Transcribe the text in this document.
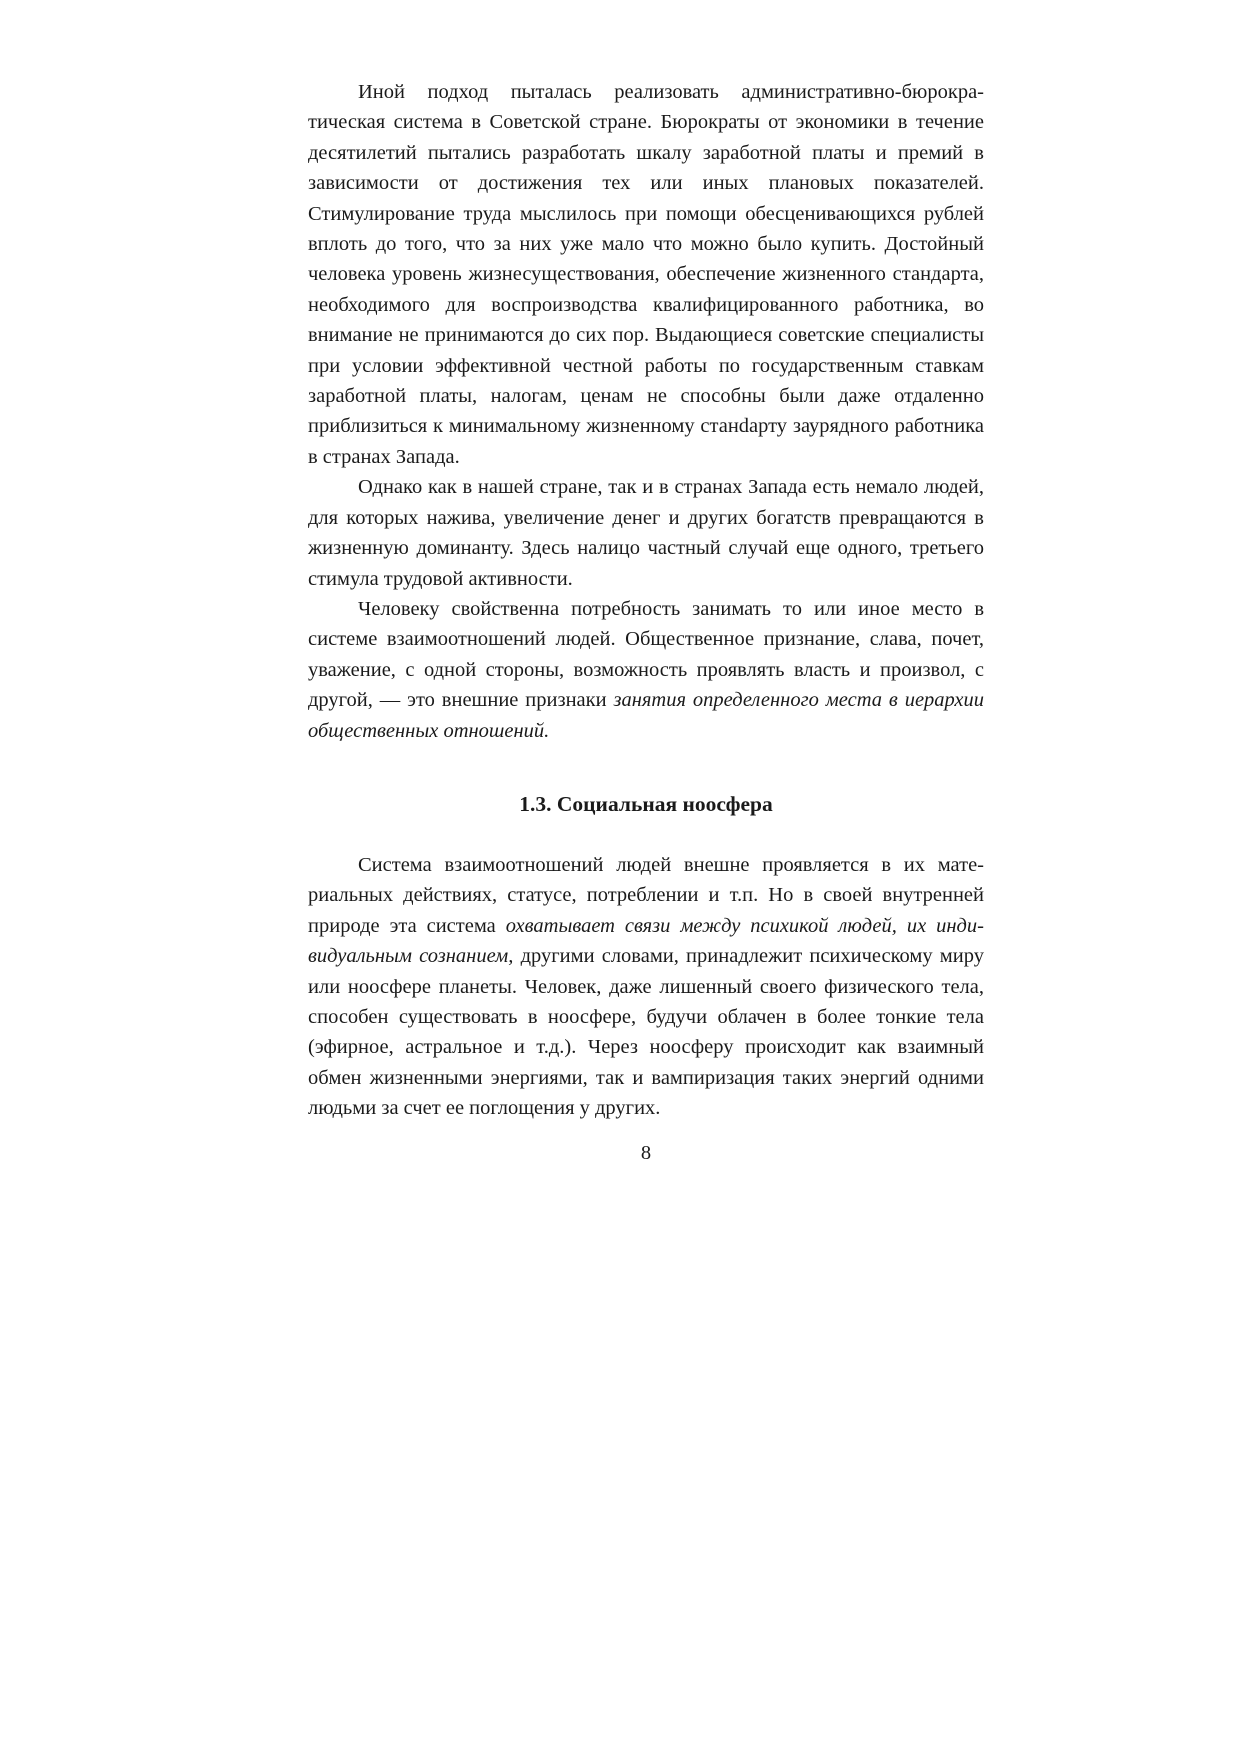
Иной подход пыталась реализовать административно-бюрократическая система в Советской стране. Бюрократы от экономики в течение десятилетий пытались разработать шкалу заработной платы и премий в зависимости от достижения тех или иных плановых показателей. Стимулирование труда мыслилось при помощи обесценивающихся рублей вплоть до того, что за них уже мало что можно было купить. Достойный человека уровень жизнесуществования, обеспечение жизненного стандарта, необходимого для воспроизводства квалифицированного работника, во внимание не принимаются до сих пор. Выдающиеся советские специалисты при условии эффективной честной работы по государственным ставкам заработной платы, налогам, ценам не способны были даже отдаленно приблизиться к минимальному жизненному станdарту заурядного работника в странах Запада.

Однако как в нашей стране, так и в странах Запада есть немало людей, для которых нажива, увеличение денег и других богатств превращаются в жизненную доминанту. Здесь налицо частный случай еще одного, третьего стимула трудовой активности.

Человеку свойственна потребность занимать то или иное место в системе взаимоотношений людей. Общественное признание, слава, почет, уважение, с одной стороны, возможность проявлять власть и произвол, с другой, — это внешние признаки занятия определенного места в иерархии общественных отношений.

1.3. Социальная ноосфера

Система взаимоотношений людей внешне проявляется в их материальных действиях, статусе, потреблении и т.п. Но в своей внутренней природе эта система охватывает связи между психикой людей, их индивидуальным сознанием, другими словами, принадлежит психическому миру или ноосфере планеты. Человек, даже лишенный своего физического тела, способен существовать в ноосфере, будучи облачен в более тонкие тела (эфирное, астральное и т.д.). Через ноосферу происходит как взаимный обмен жизненными энергиями, так и вампиризация таких энергий одними людьми за счет ее поглощения у других.

8
